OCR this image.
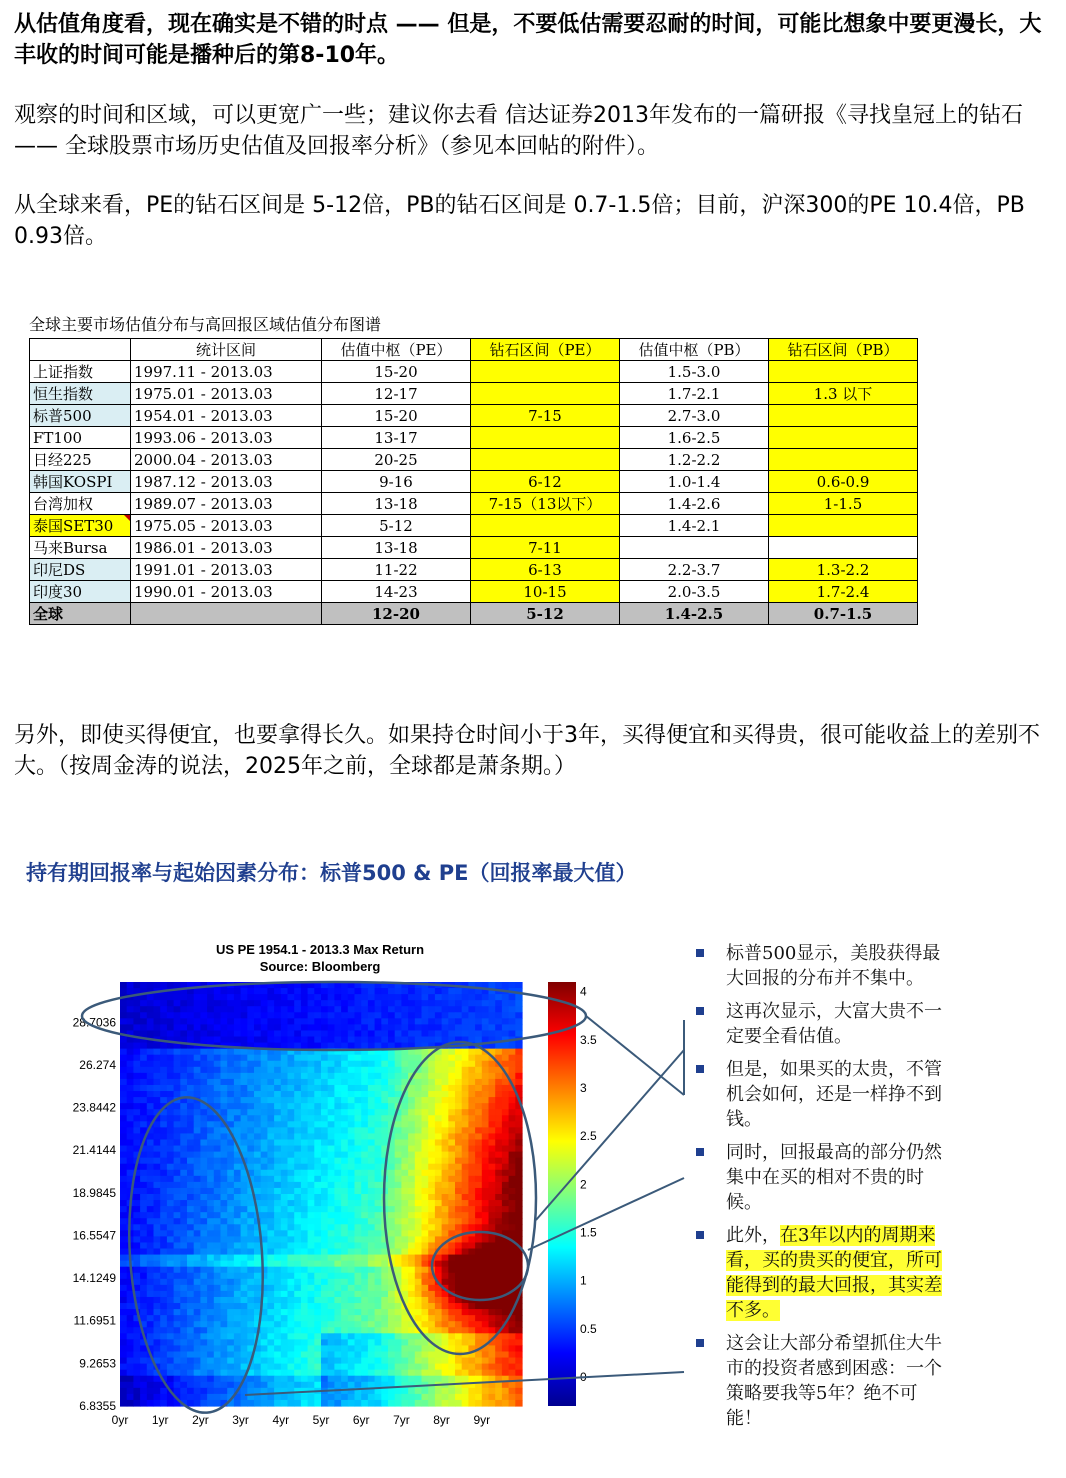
从估值角度看，现在确实是不错的时点 —— 但是，不要低估需要忍耐的时间，可能比想象中要更漫长，大丰收的时间可能是播种后的第8-10年。

观察的时间和区域，可以更宽广一些；建议你去看 信达证券2013年发布的一篇研报《寻找皇冠上的钻石 —— 全球股票市场历史估值及回报率分析》（参见本回帖的附件）。

从全球来看，PE的钻石区间是 5-12倍，PB的钻石区间是 0.7-1.5倍；目前，沪深300的PE 10.4倍，PB 0.93倍。

全球主要市场估值分布与高回报区域估值分布图谱
	统计区间	估值中枢（PE）	钻石区间（PE）	估值中枢（PB）	钻石区间（PB）
上证指数	1997.11 - 2013.03	15-20		1.5-3.0	
恒生指数	1975.01 - 2013.03	12-17		1.7-2.1	1.3 以下
标普500	1954.01 - 2013.03	15-20	7-15	2.7-3.0	
FT100	1993.06 - 2013.03	13-17		1.6-2.5	
日经225	2000.04 - 2013.03	20-25		1.2-2.2	
韩国KOSPI	1987.12 - 2013.03	9-16	6-12	1.0-1.4	0.6-0.9
台湾加权	1989.07 - 2013.03	13-18	7-15（13以下）	1.4-2.6	1-1.5
泰国SET30	1975.05 - 2013.03	5-12		1.4-2.1	
马来Bursa	1986.01 - 2013.03	13-18	7-11		
印尼DS	1991.01 - 2013.03	11-22	6-13	2.2-3.7	1.3-2.2
印度30	1990.01 - 2013.03	14-23	10-15	2.0-3.5	1.7-2.4
全球		12-20	5-12	1.4-2.5	0.7-1.5

另外，即使买得便宜，也要拿得长久。如果持仓时间小于3年，买得便宜和买得贵，很可能收益上的差别不大。（按周金涛的说法，2025年之前，全球都是萧条期。）

持有期回报率与起始因素分布：标普500 & PE（回报率最大值）
US PE 1954.1 - 2013.3 Max Return
Source: Bloomberg
28.7036
26.274
23.8442
21.4144
18.9845
16.5547
14.1249
11.6951
9.2653
6.8355
0yr 1yr 2yr 3yr 4yr 5yr 6yr 7yr 8yr 9yr
0
0.5
1
1.5
2
2.5
3
3.5
4
标普500显示，美股获得最大回报的分布并不集中。
这再次显示，大富大贵不一定要全看估值。
但是，如果买的太贵，不管机会如何，还是一样挣不到钱。
同时，回报最高的部分仍然集中在买的相对不贵的时候。
此外，在3年以内的周期来看，买的贵买的便宜，所可能得到的最大回报，其实差不多。
这会让大部分希望抓住大牛市的投资者感到困惑：一个策略要我等5年？绝不可能！
